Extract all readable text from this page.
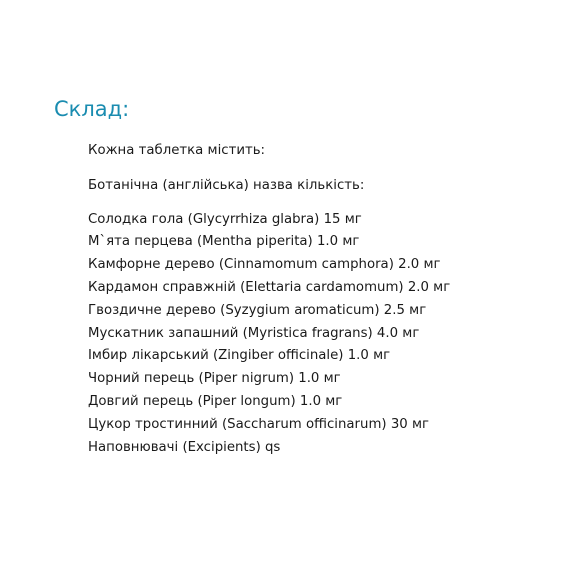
Склад:

Кожна таблетка містить:

Ботанічна (англійська) назва кількість:

Солодка гола (Glycyrrhiza glabra) 15 мг
М`ята перцева (Mentha piperita) 1.0 мг
Камфорне дерево (Cinnamomum camphora) 2.0 мг
Кардамон справжній (Elettaria cardamomum) 2.0 мг
Гвоздичне дерево (Syzygium aromaticum) 2.5 мг
Мускатник запашний (Myristica fragrans) 4.0 мг
Імбир лікарський (Zingiber officinale) 1.0 мг
Чорний перець (Piper nigrum) 1.0 мг
Довгий перець (Piper longum) 1.0 мг
Цукор тростинний (Saccharum officinarum) 30 мг
Наповнювачі (Excipients) qs
